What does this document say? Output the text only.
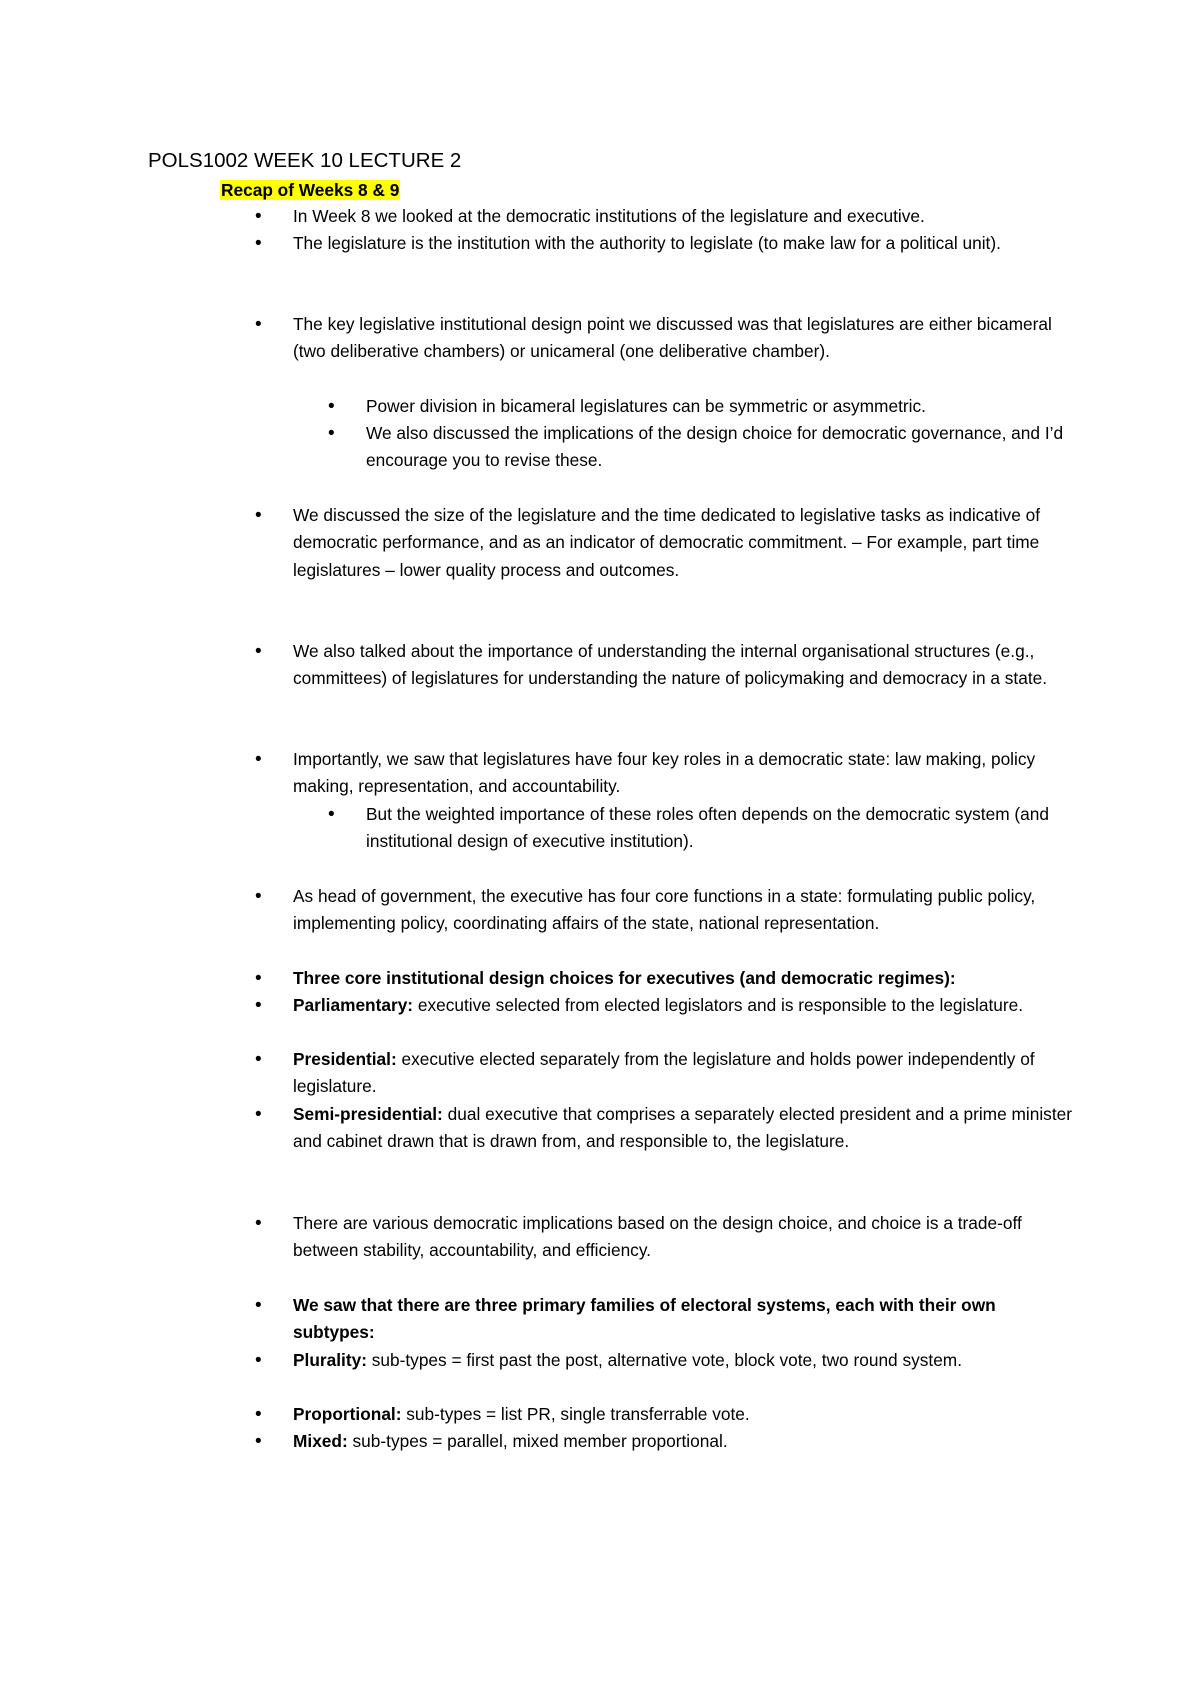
POLS1002 WEEK 10 LECTURE 2
Recap of Weeks 8 & 9
• In Week 8 we looked at the democratic institutions of the legislature and executive.
• The legislature is the institution with the authority to legislate (to make law for a political unit).
• The key legislative institutional design point we discussed was that legislatures are either bicameral (two deliberative chambers) or unicameral (one deliberative chamber).
• Power division in bicameral legislatures can be symmetric or asymmetric.
• We also discussed the implications of the design choice for democratic governance, and I’d encourage you to revise these.
• We discussed the size of the legislature and the time dedicated to legislative tasks as indicative of democratic performance, and as an indicator of democratic commitment. – For example, part time legislatures – lower quality process and outcomes.
• We also talked about the importance of understanding the internal organisational structures (e.g., committees) of legislatures for understanding the nature of policymaking and democracy in a state.
• Importantly, we saw that legislatures have four key roles in a democratic state: law making, policy making, representation, and accountability.
• But the weighted importance of these roles often depends on the democratic system (and institutional design of executive institution).
• As head of government, the executive has four core functions in a state: formulating public policy, implementing policy, coordinating affairs of the state, national representation.
• Three core institutional design choices for executives (and democratic regimes):
• Parliamentary: executive selected from elected legislators and is responsible to the legislature.
• Presidential: executive elected separately from the legislature and holds power independently of legislature.
• Semi-presidential: dual executive that comprises a separately elected president and a prime minister and cabinet drawn that is drawn from, and responsible to, the legislature.
• There are various democratic implications based on the design choice, and choice is a trade-off between stability, accountability, and efficiency.
• We saw that there are three primary families of electoral systems, each with their own subtypes:
• Plurality: sub-types = first past the post, alternative vote, block vote, two round system.
• Proportional: sub-types = list PR, single transferrable vote.
• Mixed: sub-types = parallel, mixed member proportional.
